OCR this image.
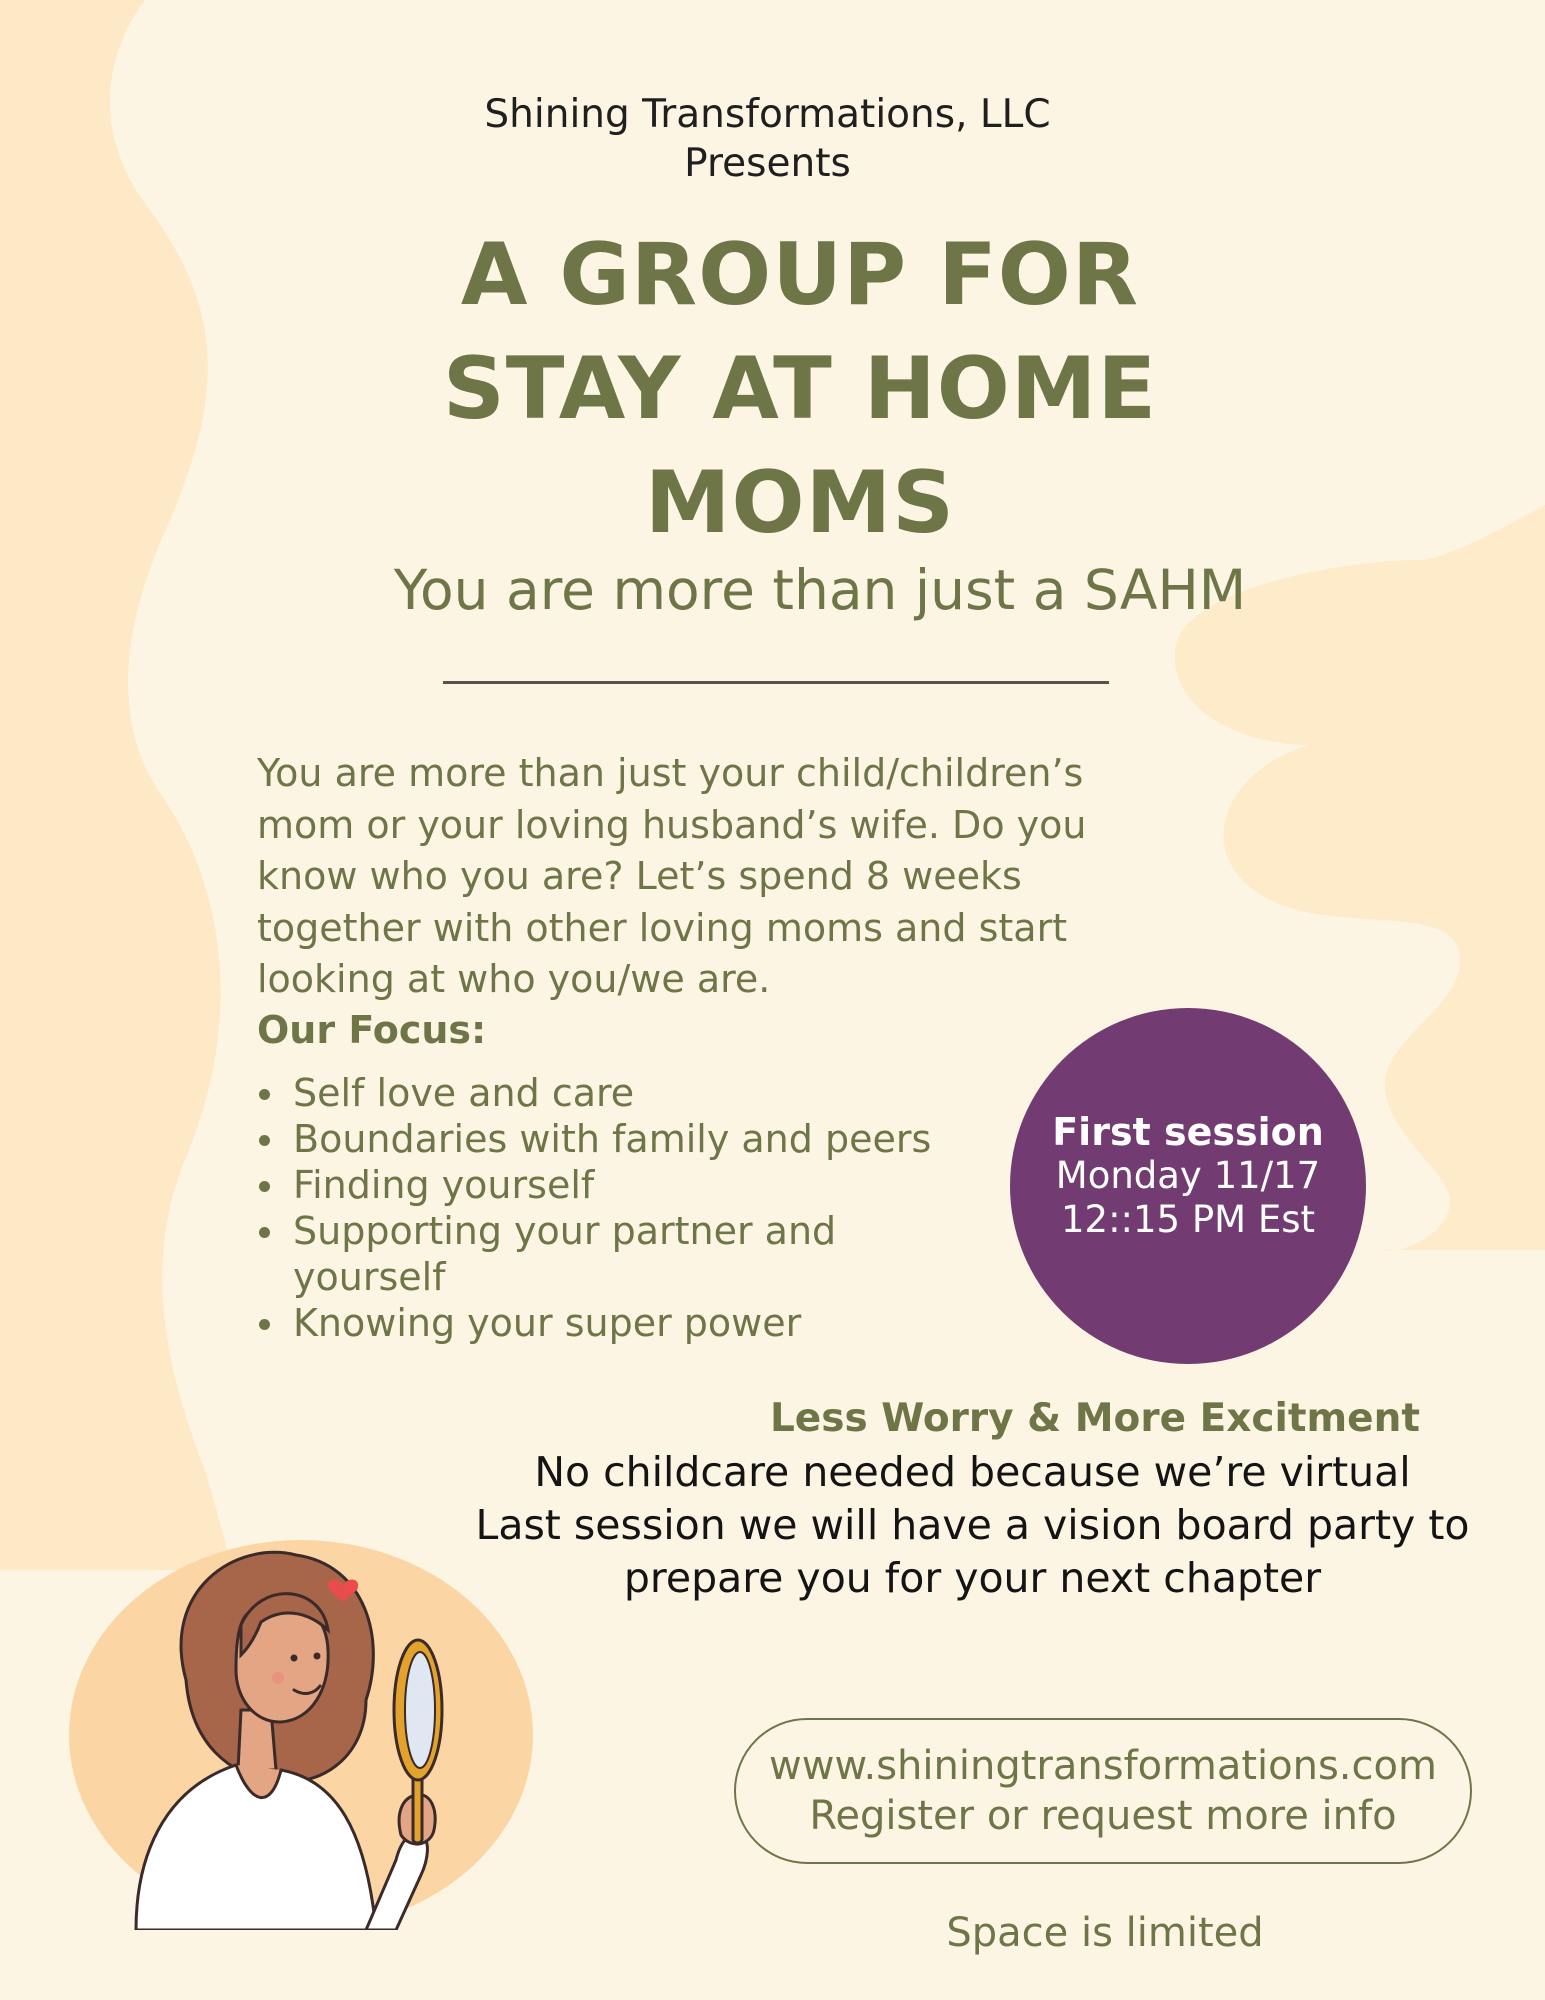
Shining Transformations, LLC
Presents
A GROUP FOR
STAY AT HOME
MOMS
You are more than just a SAHM
You are more than just your child/children’s mom or your loving husband’s wife. Do you know who you are? Let’s spend 8 weeks together with other loving moms and start looking at who you/we are.
Our Focus:
Self love and care
Boundaries with family and peers
Finding yourself
Supporting your partner and yourself
Knowing your super power
First session
Monday 11/17
12::15 PM Est
Less Worry & More Excitment
No childcare needed because we’re virtual
Last session we will have a vision board party to prepare you for your next chapter
www.shiningtransformations.com
Register or request more info
Space is limited
